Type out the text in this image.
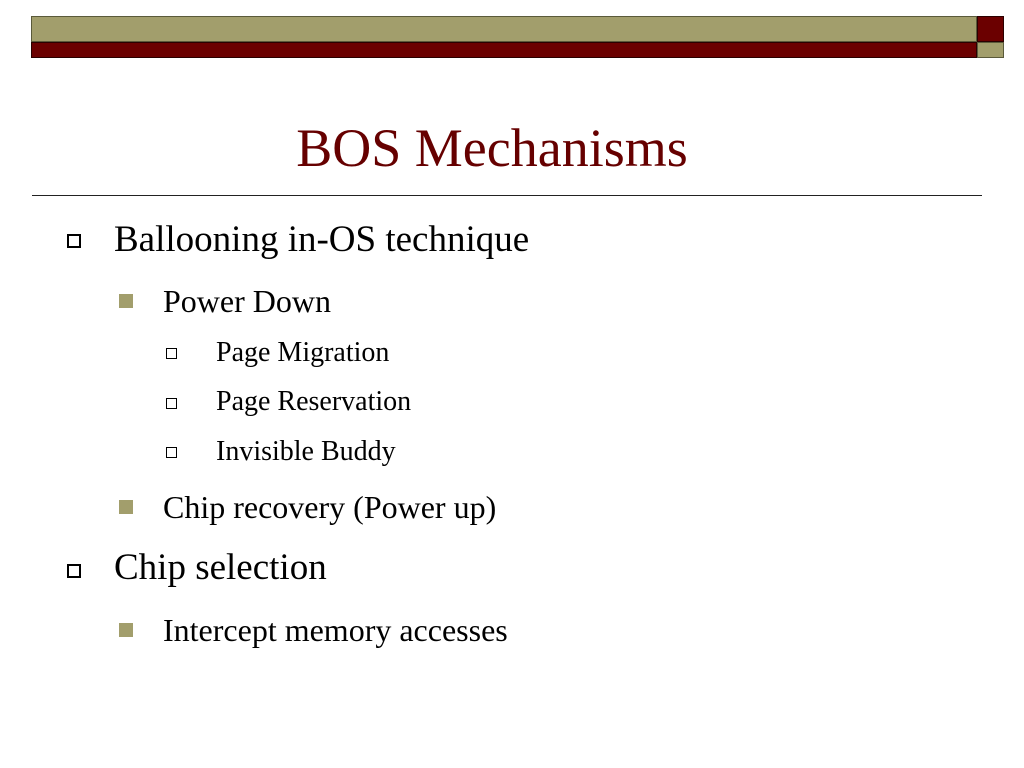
BOS Mechanisms
Ballooning in-OS technique
Power Down
Page Migration
Page Reservation
Invisible Buddy
Chip recovery (Power up)
Chip selection
Intercept memory accesses
